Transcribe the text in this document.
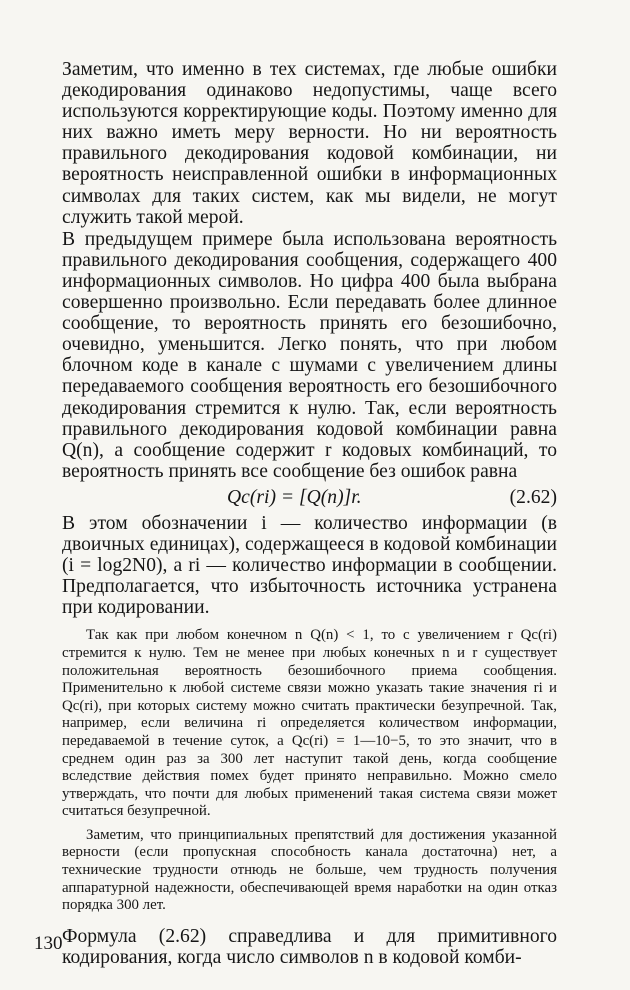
Заметим, что именно в тех системах, где любые ошибки декодирования одинаково недопустимы, чаще всего используются корректирующие коды. Поэтому именно для них важно иметь меру верности. Но ни вероятность правильного декодирования кодовой комбинации, ни вероятность неисправленной ошибки в информационных символах для таких систем, как мы видели, не могут служить такой мерой.

В предыдущем примере была использована вероятность правильного декодирования сообщения, содержащего 400 информационных символов. Но цифра 400 была выбрана совершенно произвольно. Если передавать более длинное сообщение, то вероятность принять его безошибочно, очевидно, уменьшится. Легко понять, что при любом блочном коде в канале с шумами с увеличением длины передаваемого сообщения вероятность его безошибочного декодирования стремится к нулю. Так, если вероятность правильного декодирования кодовой комбинации равна Q(n), а сообщение содержит r кодовых комбинаций, то вероятность принять все сообщение без ошибок равна

Qc(ri) = [Q(n)]r.	(2.62)

В этом обозначении i — количество информации (в двоичных единицах), содержащееся в кодовой комбинации (i = log2N0), а ri — количество информации в сообщении. Предполагается, что избыточность источника устранена при кодировании.

Так как при любом конечном n Q(n) < 1, то с увеличением r Qc(ri) стремится к нулю. Тем не менее при любых конечных n и r существует положительная вероятность безошибочного приема сообщения. Применительно к любой системе связи можно указать такие значения ri и Qc(ri), при которых систему можно считать практически безупречной. Так, например, если величина ri определяется количеством информации, передаваемой в течение суток, а Qc(ri) = 1—10−5, то это значит, что в среднем один раз за 300 лет наступит такой день, когда сообщение вследствие действия помех будет принято неправильно. Можно смело утверждать, что почти для любых применений такая система связи может считаться безупречной.

Заметим, что принципиальных препятствий для достижения указанной верности (если пропускная способность канала достаточна) нет, а технические трудности отнюдь не больше, чем трудность получения аппаратурной надежности, обеспечивающей время наработки на один отказ порядка 300 лет.

Формула (2.62) справедлива и для примитивного кодирования, когда число символов n в кодовой комби-

130
